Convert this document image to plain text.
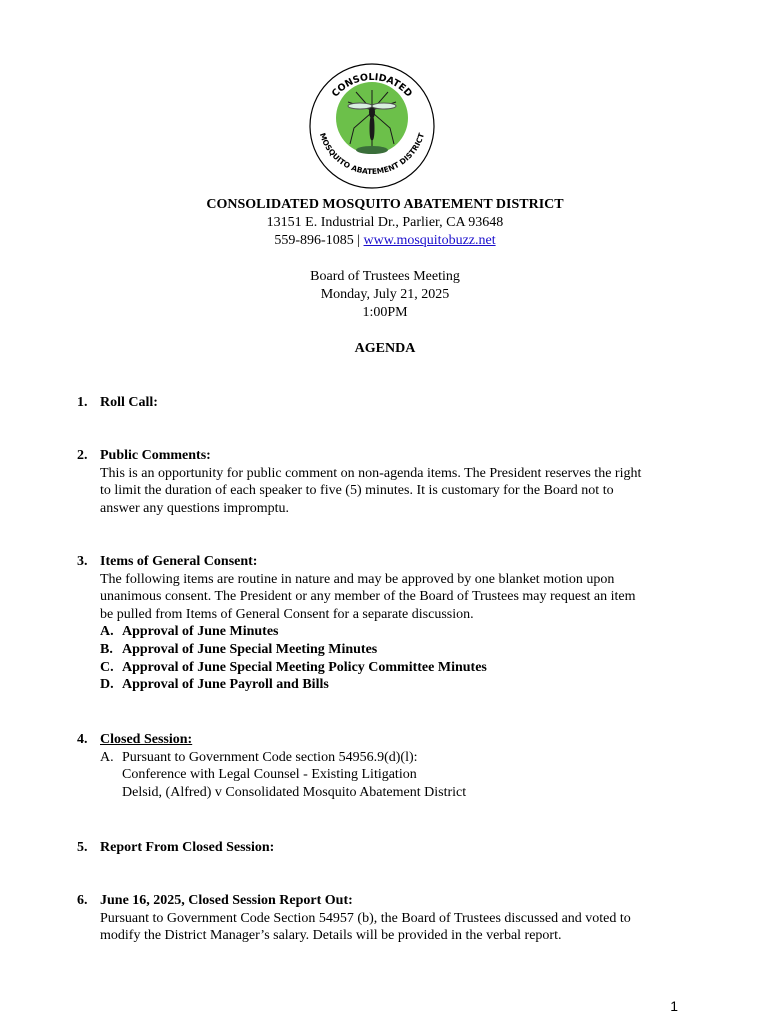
CONSOLIDATED
MOSQUITO ABATEMENT DISTRICT
CONSOLIDATED MOSQUITO ABATEMENT DISTRICT
13151 E. Industrial Dr., Parlier, CA 93648
559-896-1085 | www.mosquitobuzz.net
Board of Trustees Meeting
Monday, July 21, 2025
1:00PM
AGENDA
1. Roll Call:
2. Public Comments:
This is an opportunity for public comment on non-agenda items. The President reserves the right
to limit the duration of each speaker to five (5) minutes. It is customary for the Board not to
answer any questions impromptu.
3. Items of General Consent:
The following items are routine in nature and may be approved by one blanket motion upon
unanimous consent. The President or any member of the Board of Trustees may request an item
be pulled from Items of General Consent for a separate discussion.
A. Approval of June Minutes
B. Approval of June Special Meeting Minutes
C. Approval of June Special Meeting Policy Committee Minutes
D. Approval of June Payroll and Bills
4. Closed Session:
A. Pursuant to Government Code section 54956.9(d)(l):
Conference with Legal Counsel - Existing Litigation
Delsid, (Alfred) v Consolidated Mosquito Abatement District
5. Report From Closed Session:
6. June 16, 2025, Closed Session Report Out:
Pursuant to Government Code Section 54957 (b), the Board of Trustees discussed and voted to
modify the District Manager’s salary. Details will be provided in the verbal report.
1
